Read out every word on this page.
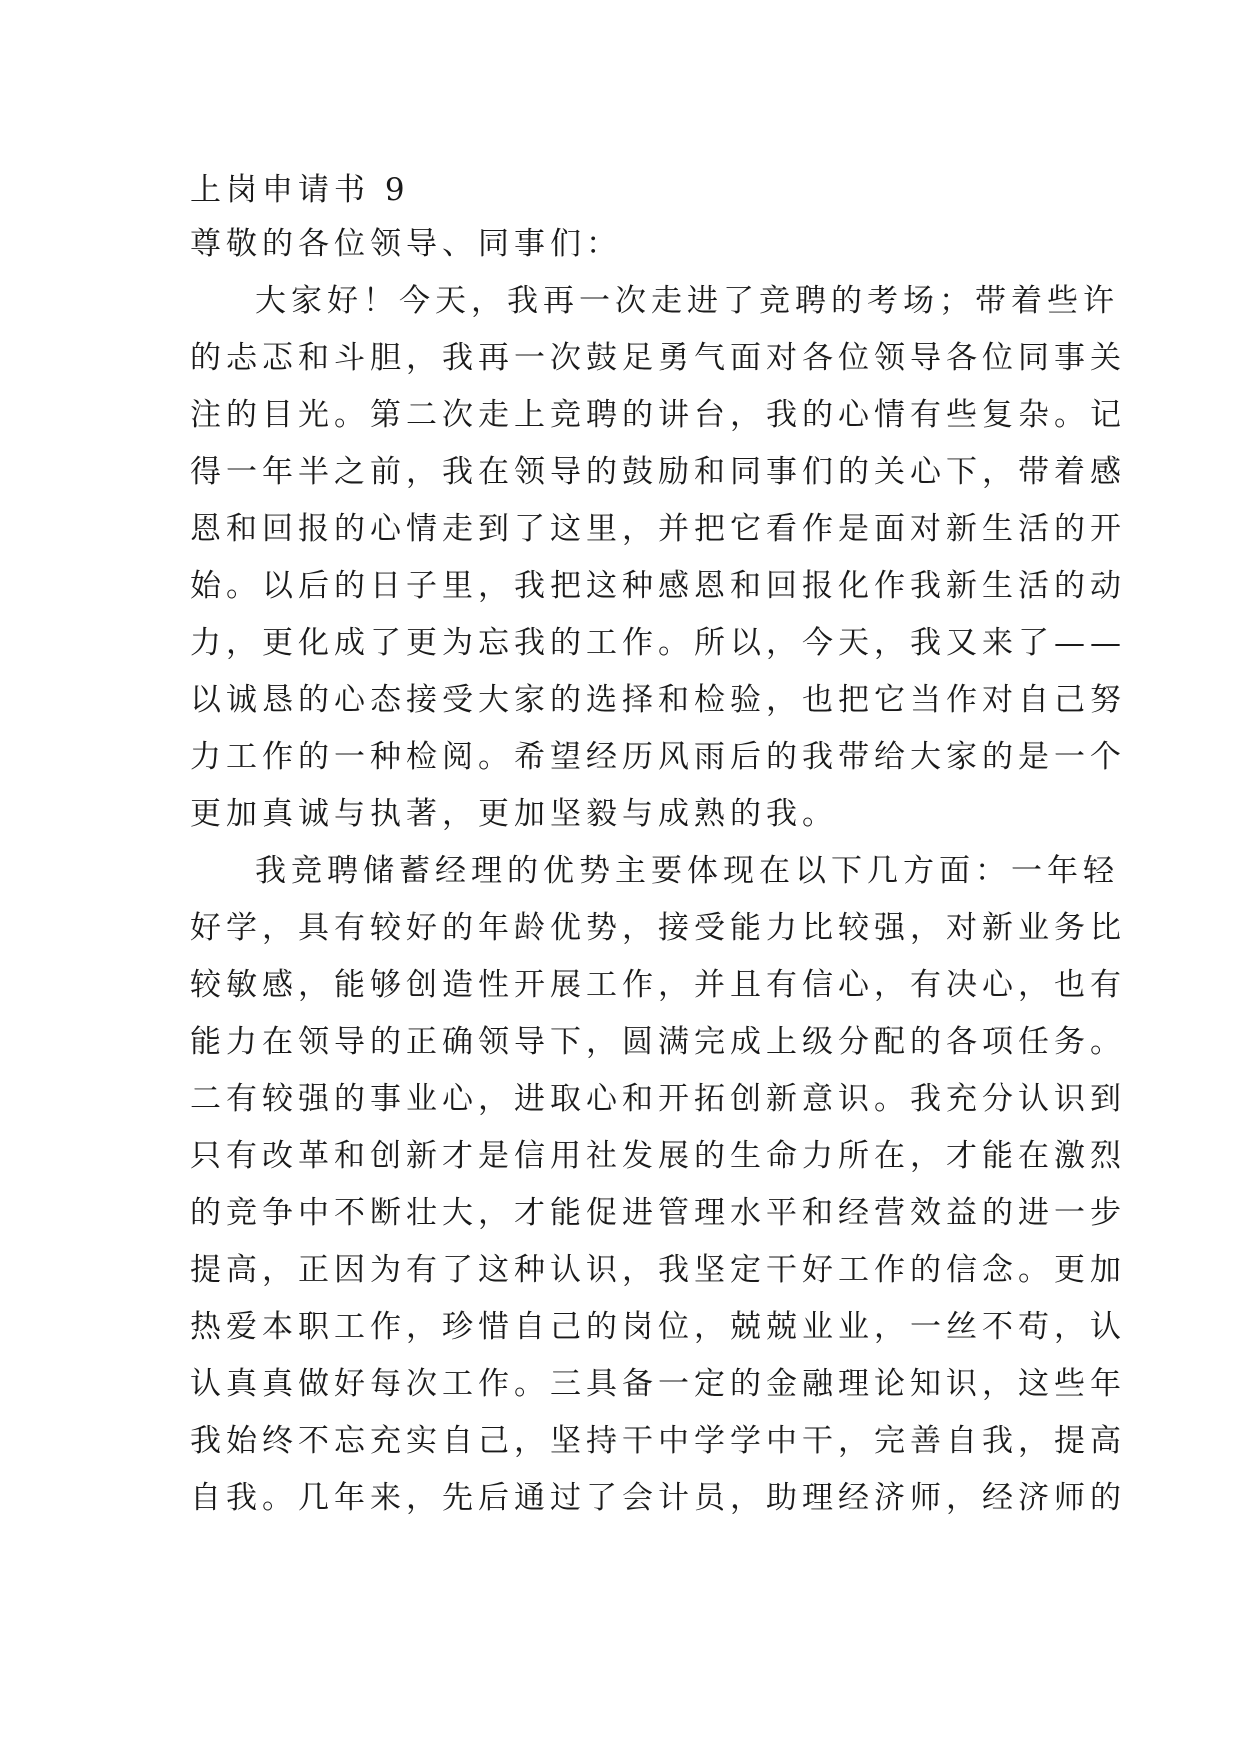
上岗申请书 9
尊敬的各位领导、同事们：
大家好！今天，我再一次走进了竞聘的考场；带着些许
的忐忑和斗胆，我再一次鼓足勇气面对各位领导各位同事关
注的目光。第二次走上竞聘的讲台，我的心情有些复杂。记
得一年半之前，我在领导的鼓励和同事们的关心下，带着感
恩和回报的心情走到了这里，并把它看作是面对新生活的开
始。以后的日子里，我把这种感恩和回报化作我新生活的动
力，更化成了更为忘我的工作。所以，今天，我又来了——
以诚恳的心态接受大家的选择和检验，也把它当作对自己努
力工作的一种检阅。希望经历风雨后的我带给大家的是一个
更加真诚与执著，更加坚毅与成熟的我。
我竞聘储蓄经理的优势主要体现在以下几方面：一年轻
好学，具有较好的年龄优势，接受能力比较强，对新业务比
较敏感，能够创造性开展工作，并且有信心，有决心，也有
能力在领导的正确领导下，圆满完成上级分配的各项任务。
二有较强的事业心，进取心和开拓创新意识。我充分认识到
只有改革和创新才是信用社发展的生命力所在，才能在激烈
的竞争中不断壮大，才能促进管理水平和经营效益的进一步
提高，正因为有了这种认识，我坚定干好工作的信念。更加
热爱本职工作，珍惜自己的岗位，兢兢业业，一丝不苟，认
认真真做好每次工作。三具备一定的金融理论知识，这些年
我始终不忘充实自己，坚持干中学学中干，完善自我，提高
自我。几年来，先后通过了会计员，助理经济师，经济师的
